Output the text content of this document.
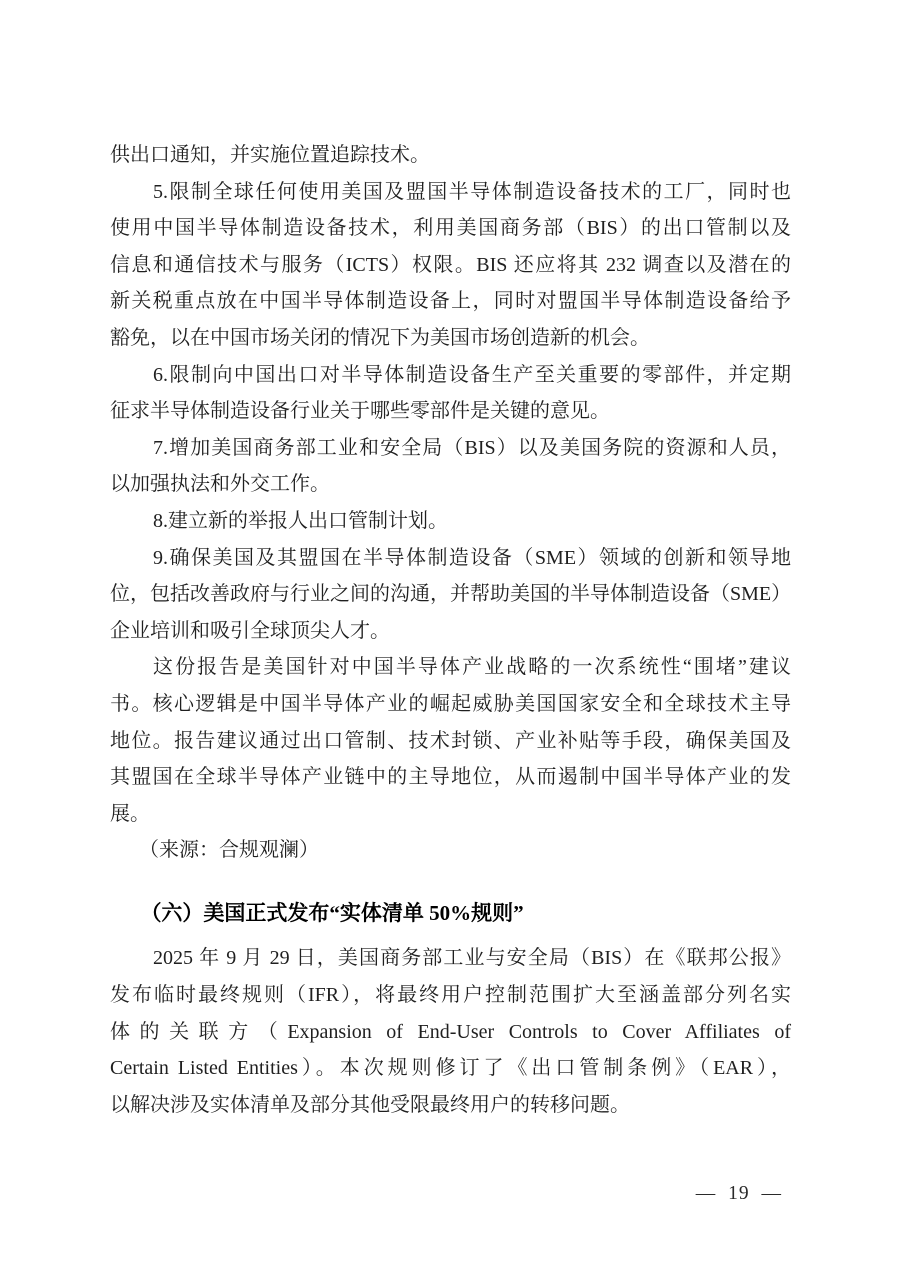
供出口通知，并实施位置追踪技术。
5.限制全球任何使用美国及盟国半导体制造设备技术的工厂，同时也
使用中国半导体制造设备技术，利用美国商务部（BIS）的出口管制以及
信息和通信技术与服务（ICTS）权限。BIS 还应将其 232 调查以及潜在的
新关税重点放在中国半导体制造设备上，同时对盟国半导体制造设备给予
豁免，以在中国市场关闭的情况下为美国市场创造新的机会。
6.限制向中国出口对半导体制造设备生产至关重要的零部件，并定期
征求半导体制造设备行业关于哪些零部件是关键的意见。
7.增加美国商务部工业和安全局（BIS）以及美国务院的资源和人员，
以加强执法和外交工作。
8.建立新的举报人出口管制计划。
9.确保美国及其盟国在半导体制造设备（SME）领域的创新和领导地
位，包括改善政府与行业之间的沟通，并帮助美国的半导体制造设备（SME）
企业培训和吸引全球顶尖人才。
这份报告是美国针对中国半导体产业战略的一次系统性“围堵”建议
书。核心逻辑是中国半导体产业的崛起威胁美国国家安全和全球技术主导
地位。报告建议通过出口管制、技术封锁、产业补贴等手段，确保美国及
其盟国在全球半导体产业链中的主导地位，从而遏制中国半导体产业的发
展。
（来源：合规观澜）
（六）美国正式发布“实体清单 50%规则”
2025 年 9 月 29 日，美国商务部工业与安全局（BIS）在《联邦公报》
发布临时最终规则（IFR），将最终用户控制范围扩大至涵盖部分列名实
体的关联方（Expansion of End-User Controls to Cover Affiliates of
Certain Listed Entities）。本次规则修订了《出口管制条例》（EAR），
以解决涉及实体清单及部分其他受限最终用户的转移问题。
— 19 —
